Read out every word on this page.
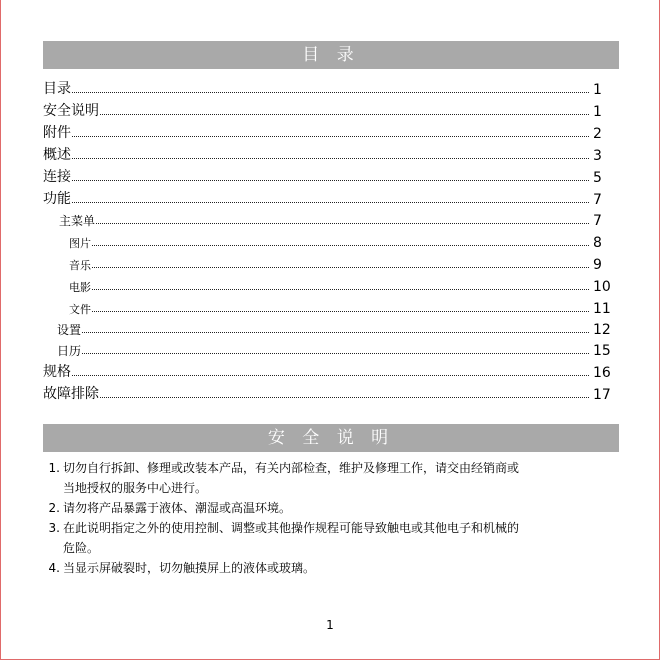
目 录
目录	1
安全说明	1
附件	2
概述	3
连接	5
功能	7
主菜单	7
图片	8
音乐	9
电影	10
文件	11
设置	12
日历	15
规格	16
故障排除	17
安 全 说 明
1. 切勿自行拆卸、修理或改装本产品，有关内部检查，维护及修理工作，请交由经销商或
当地授权的服务中心进行。
2. 请勿将产品暴露于液体、潮湿或高温环境。
3. 在此说明指定之外的使用控制、调整或其他操作规程可能导致触电或其他电子和机械的
危险。
4. 当显示屏破裂时，切勿触摸屏上的液体或玻璃。
1
